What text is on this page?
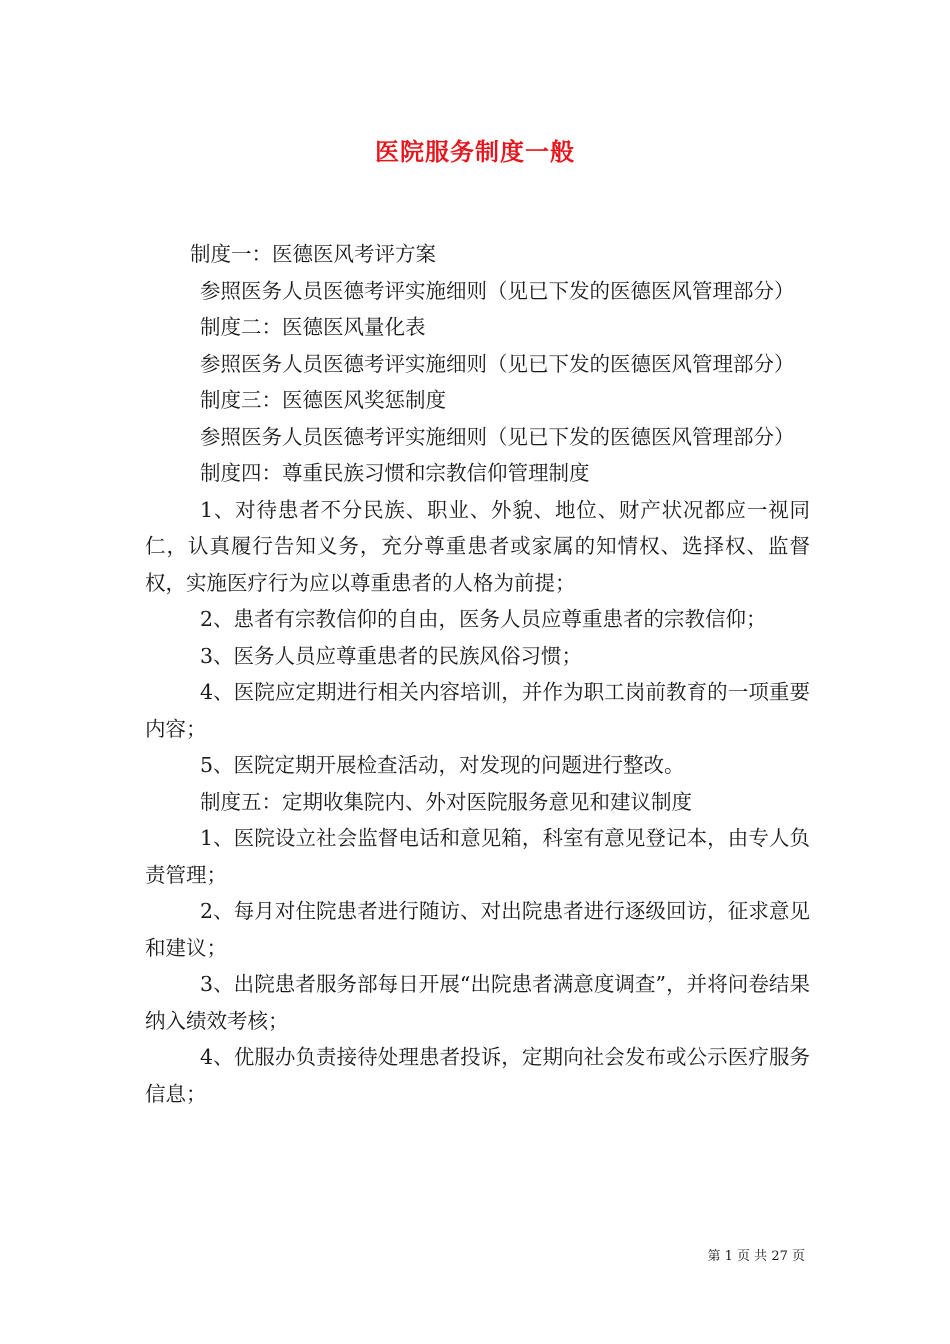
医院服务制度一般

制度一：医德医风考评方案

参照医务人员医德考评实施细则（见已下发的医德医风管理部分）

制度二：医德医风量化表

参照医务人员医德考评实施细则（见已下发的医德医风管理部分）

制度三：医德医风奖惩制度

参照医务人员医德考评实施细则（见已下发的医德医风管理部分）

制度四：尊重民族习惯和宗教信仰管理制度

1、对待患者不分民族、职业、外貌、地位、财产状况都应一视同仁，认真履行告知义务，充分尊重患者或家属的知情权、选择权、监督权，实施医疗行为应以尊重患者的人格为前提；

2、患者有宗教信仰的自由，医务人员应尊重患者的宗教信仰；

3、医务人员应尊重患者的民族风俗习惯；

4、医院应定期进行相关内容培训，并作为职工岗前教育的一项重要内容；

5、医院定期开展检查活动，对发现的问题进行整改。

制度五：定期收集院内、外对医院服务意见和建议制度

1、医院设立社会监督电话和意见箱，科室有意见登记本，由专人负责管理；

2、每月对住院患者进行随访、对出院患者进行逐级回访，征求意见和建议；

3、出院患者服务部每日开展“出院患者满意度调查”，并将问卷结果纳入绩效考核；

4、优服办负责接待处理患者投诉，定期向社会发布或公示医疗服务信息；

第 1 页 共 27 页
